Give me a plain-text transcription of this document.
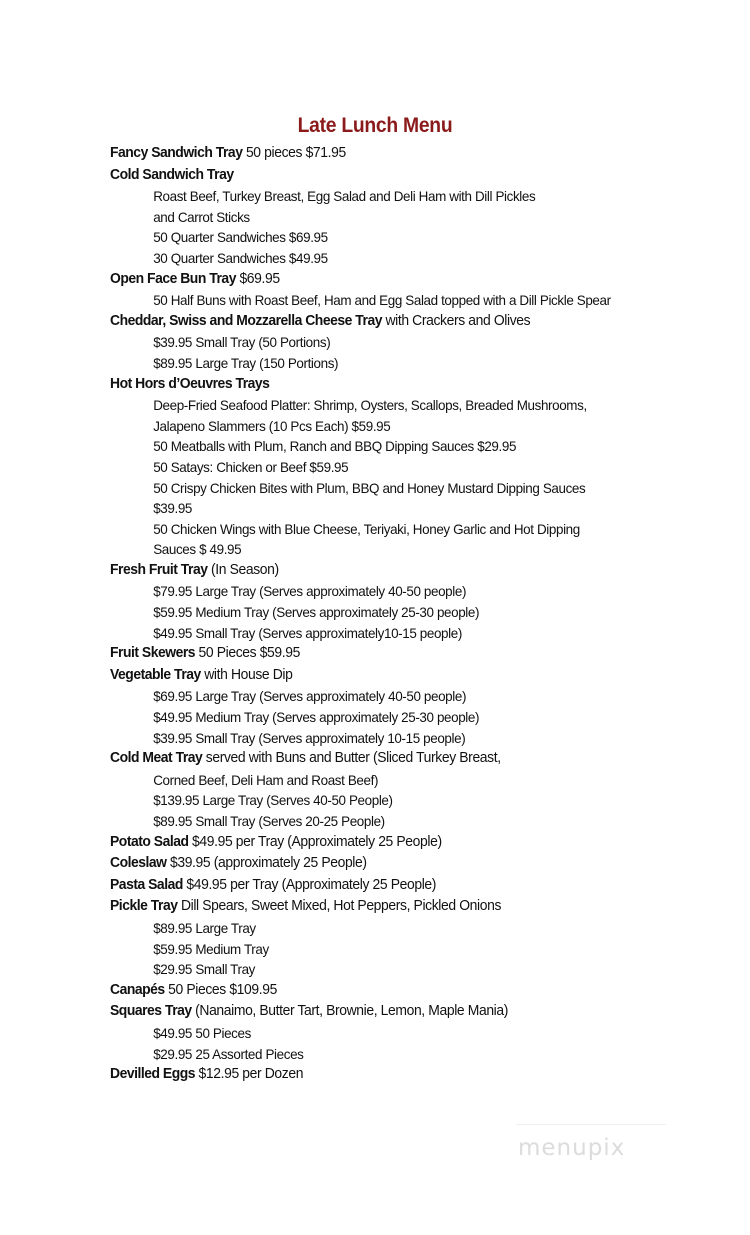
Late Lunch Menu
Fancy Sandwich Tray 50 pieces $71.95
Cold Sandwich Tray
Roast Beef, Turkey Breast, Egg Salad and Deli Ham with Dill Pickles
and Carrot Sticks
50 Quarter Sandwiches $69.95
30 Quarter Sandwiches $49.95
Open Face Bun Tray $69.95
50 Half Buns with Roast Beef, Ham and Egg Salad topped with a Dill Pickle Spear
Cheddar, Swiss and Mozzarella Cheese Tray with Crackers and Olives
$39.95 Small Tray (50 Portions)
$89.95 Large Tray (150 Portions)
Hot Hors d’Oeuvres Trays
Deep-Fried Seafood Platter: Shrimp, Oysters, Scallops, Breaded Mushrooms,
Jalapeno Slammers (10 Pcs Each) $59.95
50 Meatballs with Plum, Ranch and BBQ Dipping Sauces $29.95
50 Satays: Chicken or Beef $59.95
50 Crispy Chicken Bites with Plum, BBQ and Honey Mustard Dipping Sauces
$39.95
50 Chicken Wings with Blue Cheese, Teriyaki, Honey Garlic and Hot Dipping
Sauces $ 49.95
Fresh Fruit Tray (In Season)
$79.95 Large Tray (Serves approximately 40-50 people)
$59.95 Medium Tray (Serves approximately 25-30 people)
$49.95 Small Tray (Serves approximately10-15 people)
Fruit Skewers 50 Pieces $59.95
Vegetable Tray with House Dip
$69.95 Large Tray (Serves approximately 40-50 people)
$49.95 Medium Tray (Serves approximately 25-30 people)
$39.95 Small Tray (Serves approximately 10-15 people)
Cold Meat Tray served with Buns and Butter (Sliced Turkey Breast,
Corned Beef, Deli Ham and Roast Beef)
$139.95 Large Tray (Serves 40-50 People)
$89.95 Small Tray (Serves 20-25 People)
Potato Salad $49.95 per Tray (Approximately 25 People)
Coleslaw $39.95 (approximately 25 People)
Pasta Salad $49.95 per Tray (Approximately 25 People)
Pickle Tray Dill Spears, Sweet Mixed, Hot Peppers, Pickled Onions
$89.95 Large Tray
$59.95 Medium Tray
$29.95 Small Tray
Canapés 50 Pieces $109.95
Squares Tray (Nanaimo, Butter Tart, Brownie, Lemon, Maple Mania)
$49.95 50 Pieces
$29.95 25 Assorted Pieces
Devilled Eggs $12.95 per Dozen
menupix
